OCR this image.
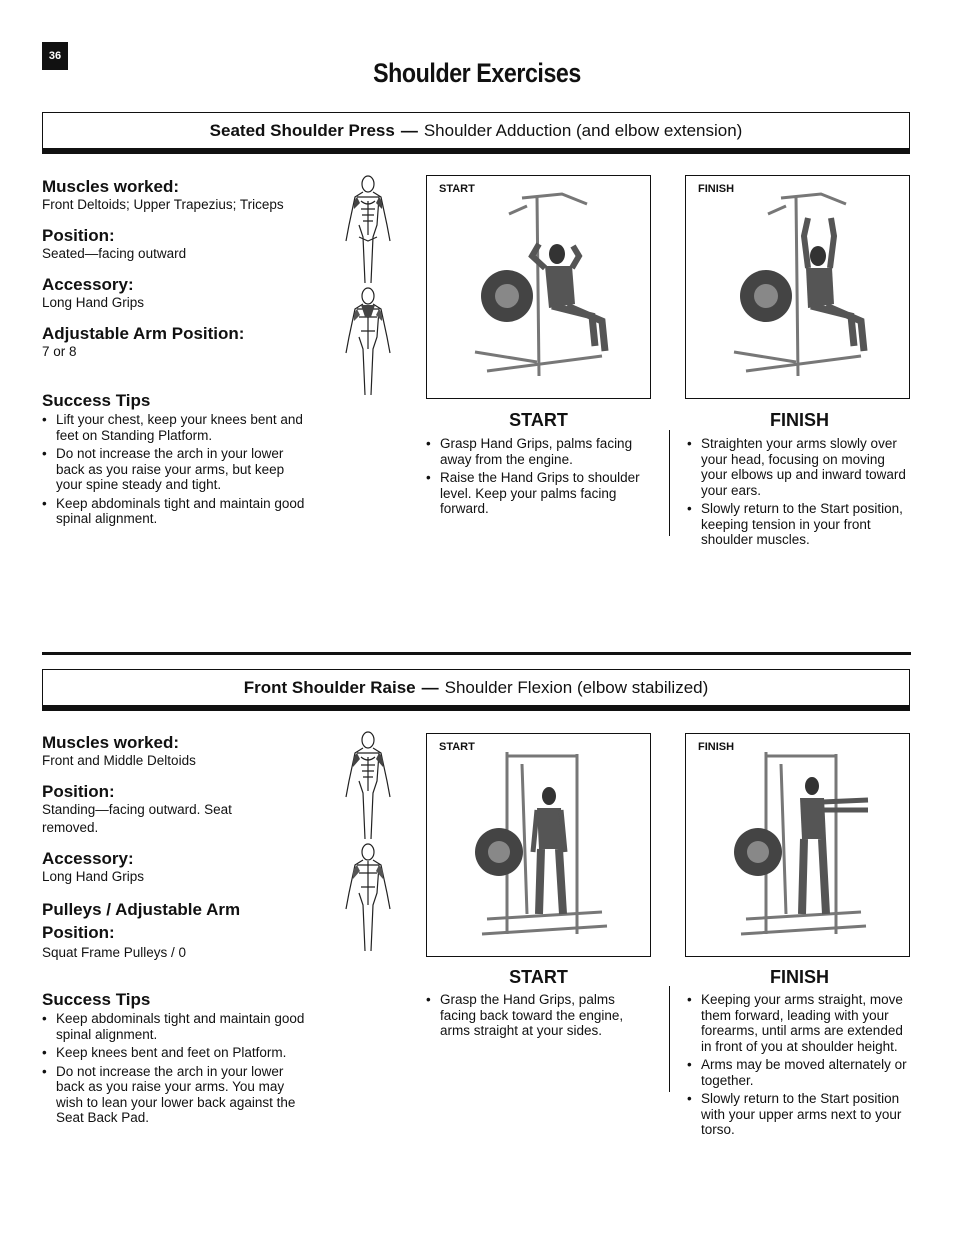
36
Shoulder Exercises
Seated Shoulder Press — Shoulder Adduction (and elbow extension)

Muscles worked:

Front Deltoids; Upper Trapezius; Triceps

Position:

Seated—facing outward

Accessory:

Long Hand Grips

Adjustable Arm Position:

7 or 8

Success Tips

• Lift your chest, keep your knees bent and feet on Standing Platform.
• Do not increase the arch in your lower back as you raise your arms, but keep your spine steady and tight.
• Keep abdominals tight and maintain good spinal alignment.
START	FINISH
START	FINISH
• Grasp Hand Grips, palms facing away from the engine.
• Raise the Hand Grips to shoulder level. Keep your palms facing forward.
• Straighten your arms slowly over your head, focusing on moving your elbows up and inward toward your ears.
• Slowly return to the Start position, keeping tension in your front shoulder muscles.
Front Shoulder Raise — Shoulder Flexion (elbow stabilized)

Muscles worked:

Front and Middle Deltoids

Position:

Standing—facing outward. Seat removed.

Accessory:

Long Hand Grips

Pulleys / Adjustable Arm Position:

Squat Frame Pulleys / 0

Success Tips

• Keep abdominals tight and maintain good spinal alignment.
• Keep knees bent and feet on Platform.
• Do not increase the arch in your lower back as you raise your arms. You may wish to lean your lower back against the Seat Back Pad.
START	FINISH
START	FINISH
• Grasp the Hand Grips, palms facing back toward the engine, arms straight at your sides.
• Keeping your arms straight, move them forward, leading with your forearms, until arms are extended in front of you at shoulder height.
• Arms may be moved alternately or together.
• Slowly return to the Start position with your upper arms next to your torso.
